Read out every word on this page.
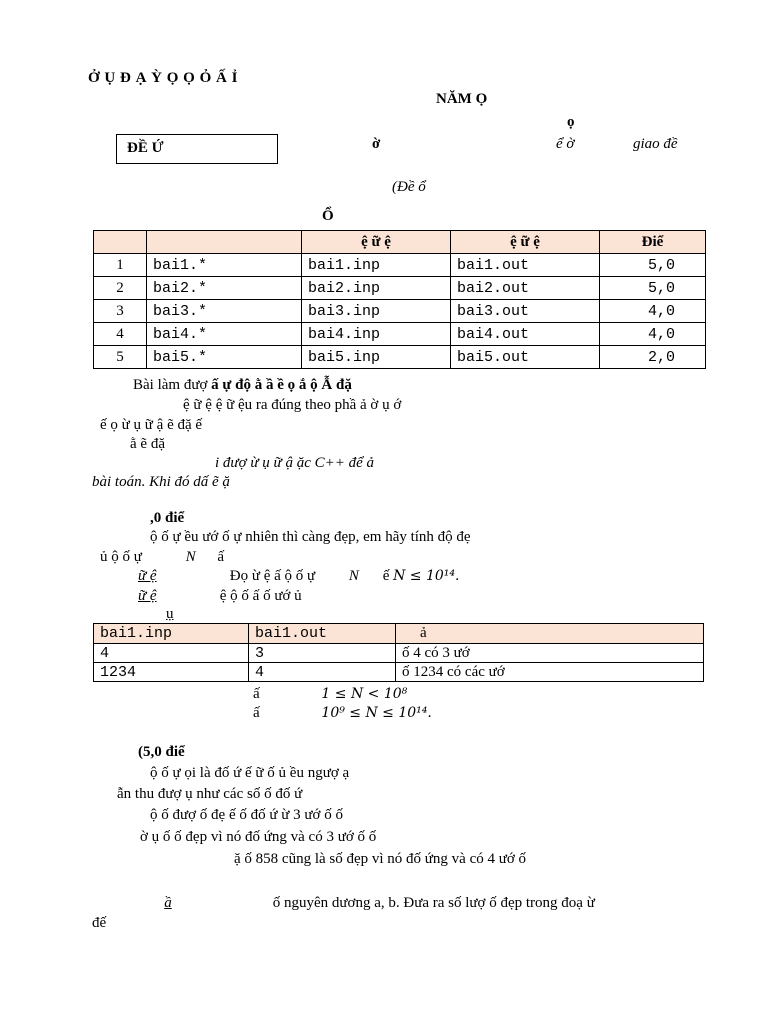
Ở Ụ Đ Ạ Ỳ Ọ Ọ Ỏ Ấ Ỉ
NĂM Ọ
ọ
ĐỀ Ứ	ờ	ể ờ	giao đề
(Đề ổ
Ổ
		ệ ữ ệ	ệ ữ ệ	Điể
1	bai1.*	bai1.inp	bai1.out	5,0
2	bai2.*	bai2.inp	bai2.out	5,0
3	bai3.*	bai3.inp	bai3.out	4,0
4	bai4.*	bai4.inp	bai4.out	4,0
5	bai5.*	bai5.inp	bai5.out	2,0
Bài làm đượ ấ ự độ ằ ầ ề ọ ắ ộ Ẫ đặ
ệ ữ ệ ệ ữ ệu ra đúng theo phầ ả ờ ụ ớ
ế ọ ừ ụ ữ ậ ẽ đặ ế
ằ ẽ đặ
i đượ ừ ụ ữ ậ ặc C++ để ả
bài toán. Khi đó dấ ẽ ặ
,0 điể
ộ ố ự ều ướ ố ự nhiên thì càng đẹp, em hãy tính độ đẹ
ủ ộ ố ự	N ấ
ữ ệ	Đọ ừ ệ ấ ộ ố ự N ế N ≤ 10¹⁴.
ữ ệ	ệ ộ ố ấ ố ướ ủ
ụ
bai1.inp	bai1.out	ả
4	3	ố 4 có 3 ướ
1234	4	ố 1234 có các ướ
ấ	1 ≤ N < 10⁸
ấ	10⁹ ≤ N ≤ 10¹⁴.
(5,0 điể
ộ ố ự ọi là đố ứ ế ữ ố ủ ều ngượ ạ
ẫn thu đượ ụ như các số ố đố ứ
ộ ố đượ ố đẹ ế ố đố ứ ừ 3 ướ ố ố
ờ ụ ố ố đẹp vì nó đố ứng và có 3 ướ ố ố
ặ ố 858 cũng là số đẹp vì nó đố ứng và có 4 ướ ố
ầ	ố nguyên dương a, b. Đưa ra số lượ ố đẹp trong đoạ ừ
đế
